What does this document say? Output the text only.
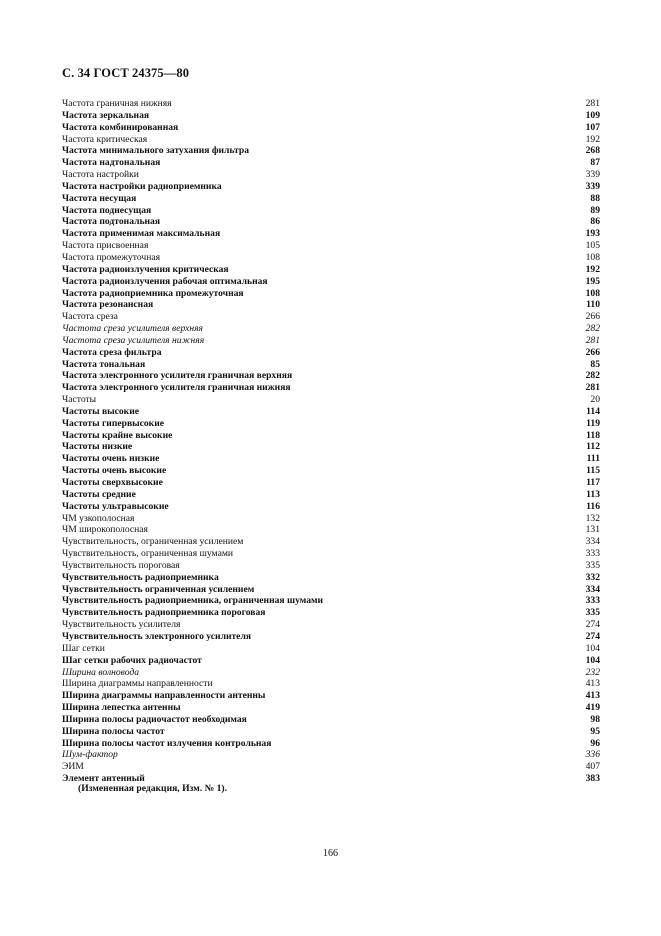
С. 34 ГОСТ 24375—80
Частота граничная нижняя	281
Частота зеркальная	109
Частота комбинированная	107
Частота критическая	192
Частота минимального затухания фильтра	268
Частота надтональная	87
Частота настройки	339
Частота настройки радиоприемника	339
Частота несущая	88
Частота поднесущая	89
Частота подтональная	86
Частота применимая максимальная	193
Частота присвоенная	105
Частота промежуточная	108
Частота радиоизлучения критическая	192
Частота радиоизлучения рабочая оптимальная	195
Частота радиоприемника промежуточная	108
Частота резонансная	110
Частота среза	266
Частота среза усилителя верхняя	282
Частота среза усилителя нижняя	281
Частота среза фильтра	266
Частота тональная	85
Частота электронного усилителя граничная верхняя	282
Частота электронного усилителя граничная нижняя	281
Частоты	20
Частоты высокие	114
Частоты гипервысокие	119
Частоты крайне высокие	118
Частоты низкие	112
Частоты очень низкие	111
Частоты очень высокие	115
Частоты сверхвысокие	117
Частоты средние	113
Частоты ультравысокие	116
ЧМ узкополосная	132
ЧМ широкополосная	131
Чувствительность, ограниченная усилением	334
Чувствительность, ограниченная шумами	333
Чувствительность пороговая	335
Чувствительность радиоприемника	332
Чувствительность ограниченная усилением	334
Чувствительность радиоприемника, ограниченная шумами	333
Чувствительность радиоприемника пороговая	335
Чувствительность усилителя	274
Чувствительность электронного усилителя	274
Шаг сетки	104
Шаг сетки рабочих радиочастот	104
Ширина волновода	232
Ширина диаграммы направленности	413
Ширина диаграммы направленности антенны	413
Ширина лепестка антенны	419
Ширина полосы радиочастот необходимая	98
Ширина полосы частот	95
Ширина полосы частот излучения контрольная	96
Шум-фактор	336
ЭИМ	407
Элемент антенный	383
(Измененная редакция, Изм. № 1).
166
